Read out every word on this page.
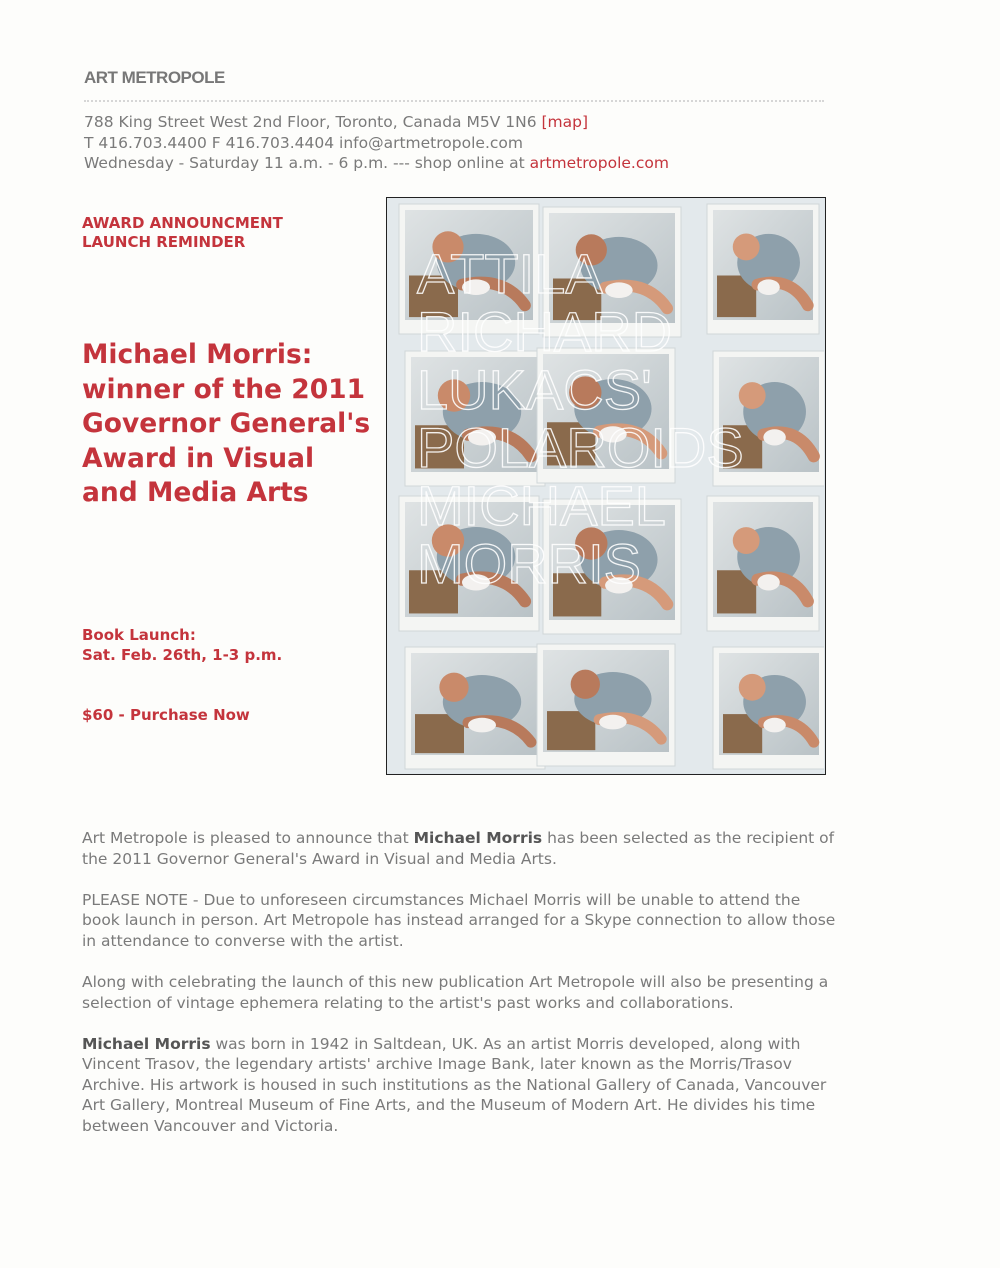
ART METROPOLE
788 King Street West 2nd Floor, Toronto, Canada M5V 1N6 [map]
T 416.703.4400 F 416.703.4404 info@artmetropole.com
Wednesday - Saturday 11 a.m. - 6 p.m. --- shop online at artmetropole.com
AWARD ANNOUNCMENT
LAUNCH REMINDER
Michael Morris: winner of the 2011 Governor General's Award in Visual and Media Arts
Book Launch:
Sat. Feb. 26th, 1-3 p.m.
$60 - Purchase Now
ATTILA
RICHARD
LUKACS'
POLAROIDS
MICHAEL
MORRIS

Art Metropole is pleased to announce that Michael Morris has been selected as the recipient of the 2011 Governor General's Award in Visual and Media Arts.

PLEASE NOTE - Due to unforeseen circumstances Michael Morris will be unable to attend the book launch in person. Art Metropole has instead arranged for a Skype connection to allow those in attendance to converse with the artist.

Along with celebrating the launch of this new publication Art Metropole will also be presenting a selection of vintage ephemera relating to the artist's past works and collaborations.

Michael Morris was born in 1942 in Saltdean, UK. As an artist Morris developed, along with Vincent Trasov, the legendary artists' archive Image Bank, later known as the Morris/Trasov Archive. His artwork is housed in such institutions as the National Gallery of Canada, Vancouver Art Gallery, Montreal Museum of Fine Arts, and the Museum of Modern Art. He divides his time between Vancouver and Victoria.
